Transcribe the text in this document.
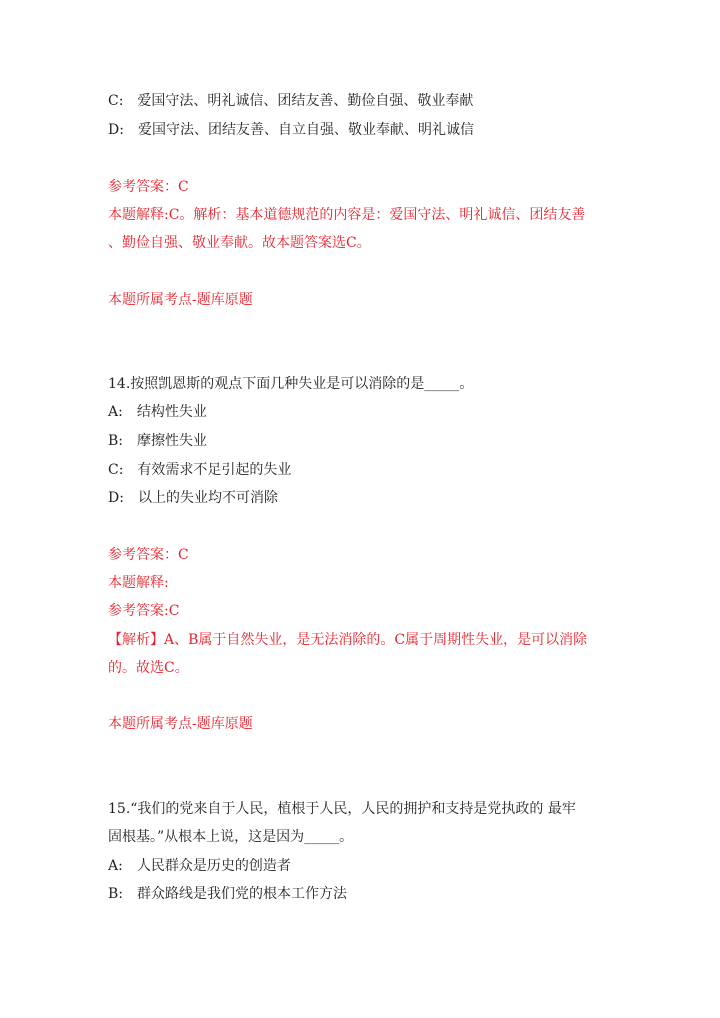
C:　爱国守法、明礼诚信、团结友善、勤俭自强、敬业奉献
D:　爱国守法、团结友善、自立自强、敬业奉献、明礼诚信
参考答案：C
本题解释:C。解析：基本道德规范的内容是：爱国守法、明礼诚信、团结友善
、勤俭自强、敬业奉献。故本题答案选C。
本题所属考点-题库原题
14.按照凯恩斯的观点下面几种失业是可以消除的是_____。
A:　结构性失业
B:　摩擦性失业
C:　有效需求不足引起的失业
D:　以上的失业均不可消除
参考答案：C
本题解释:
参考答案:C
【解析】A、B属于自然失业，是无法消除的。C属于周期性失业，是可以消除
的。故选C。
本题所属考点-题库原题
15.“我们的党来自于人民，植根于人民，人民的拥护和支持是党执政的 最牢
固根基。”从根本上说，这是因为_____。
A:　人民群众是历史的创造者
B:　群众路线是我们党的根本工作方法
